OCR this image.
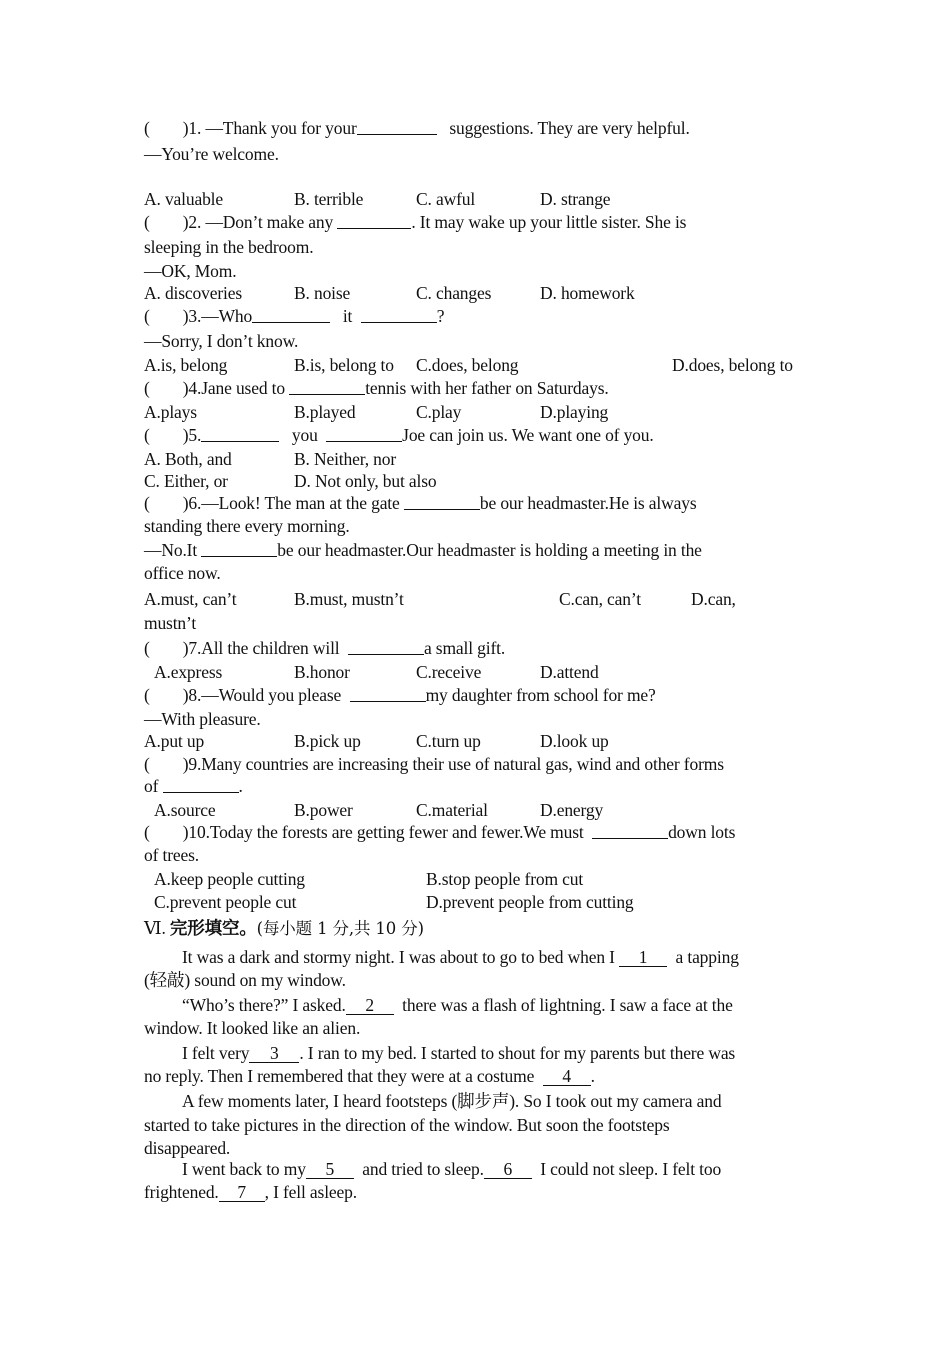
( )1. —Thank you for your	suggestions. They are very helpful.
—You’re welcome.
A. valuable	B. terrible	C. awful	D. strange
( )2. —Don’t make any	. It may wake up your little sister. She is
sleeping in the bedroom.
—OK, Mom.
A. discoveries	B. noise	C. changes	D. homework
( )3.—Who	it	?
—Sorry, I don’t know.
A.is, belong	B.is, belong to C.does, belong	D.does, belong to
( )4.Jane used to	tennis with her father on Saturdays.
A.plays	B.played	C.play	D.playing
( )5.	you	Joe can join us. We want one of you.
A. Both, and	B. Neither, nor
C. Either, or	D. Not only, but also
( )6.—Look! The man at the gate	be our headmaster.He is always
standing there every morning.
—No.It	be our headmaster.Our headmaster is holding a meeting in the
office now.
A.must, can’t	B.must, mustn’t	C.can, can’t	D.can,
mustn’t
( )7.All the children will	a small gift.
A.express	B.honor	C.receive	D.attend
( )8.—Would you please	my daughter from school for me?
—With pleasure.
A.put up	B.pick up	C.turn up	D.look up
( )9.Many countries are increasing their use of natural gas, wind and other forms
of	.
A.source	B.power	C.material	D.energy
( )10.Today the forests are getting fewer and fewer.We must	down lots
of trees.
A.keep people cutting	B.stop people from cut
C.prevent people cut	D.prevent people from cutting
Ⅵ. 完形填空。(每小题 1 分,共 10 分)
It was a dark and stormy night. I was about to go to bed when I 1 a tapping
(轻敲) sound on my window.
“Who’s there?” I asked. 2 there was a flash of lightning. I saw a face at the
window. It looked like an alien.
I felt very 3 . I ran to my bed. I started to shout for my parents but there was
no reply. Then I remembered that they were at a costume 4 .
A few moments later, I heard footsteps (脚步声). So I took out my camera and
started to take pictures in the direction of the window. But soon the footsteps
disappeared.
I went back to my 5 and tried to sleep. 6 I could not sleep. I felt too
frightened. 7 , I fell asleep.
